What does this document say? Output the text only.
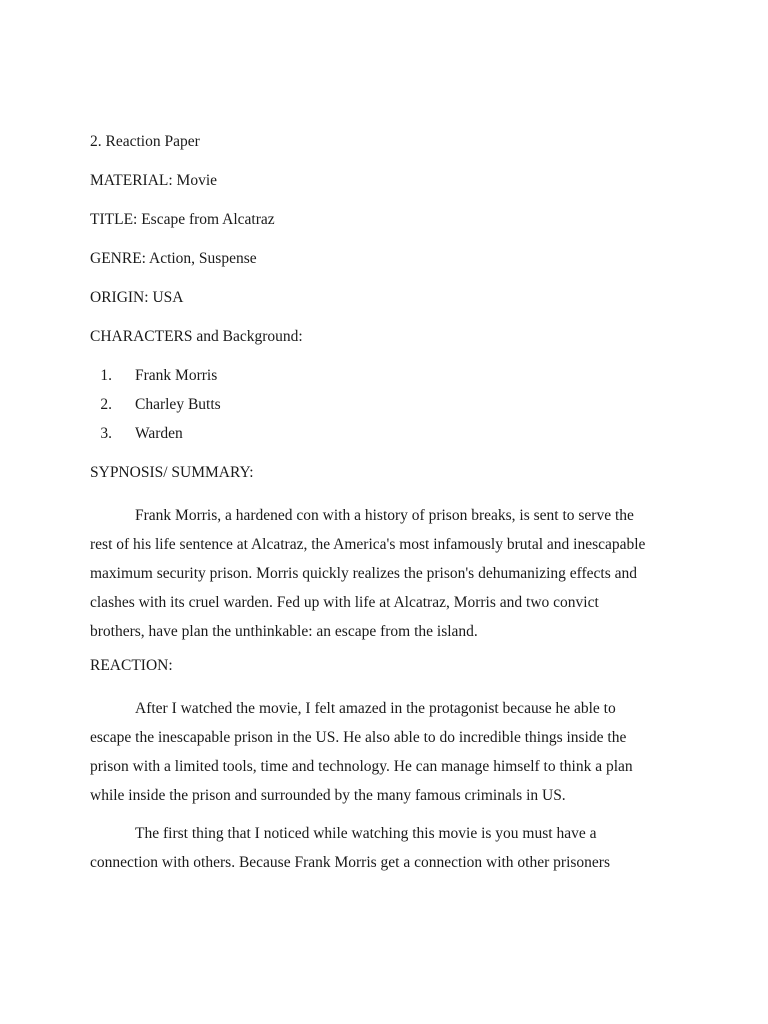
2. Reaction Paper

MATERIAL: Movie

TITLE: Escape from Alcatraz

GENRE: Action, Suspense

ORIGIN: USA

CHARACTERS and Background:

1. Frank Morris
2. Charley Butts
3. Warden

SYPNOSIS/ SUMMARY:

Frank Morris, a hardened con with a history of prison breaks, is sent to serve the
rest of his life sentence at Alcatraz, the America's most infamously brutal and inescapable
maximum security prison. Morris quickly realizes the prison's dehumanizing effects and
clashes with its cruel warden. Fed up with life at Alcatraz, Morris and two convict
brothers, have plan the unthinkable: an escape from the island.

REACTION:

After I watched the movie, I felt amazed in the protagonist because he able to
escape the inescapable prison in the US. He also able to do incredible things inside the
prison with a limited tools, time and technology. He can manage himself to think a plan
while inside the prison and surrounded by the many famous criminals in US.
The first thing that I noticed while watching this movie is you must have a
connection with others. Because Frank Morris get a connection with other prisoners
